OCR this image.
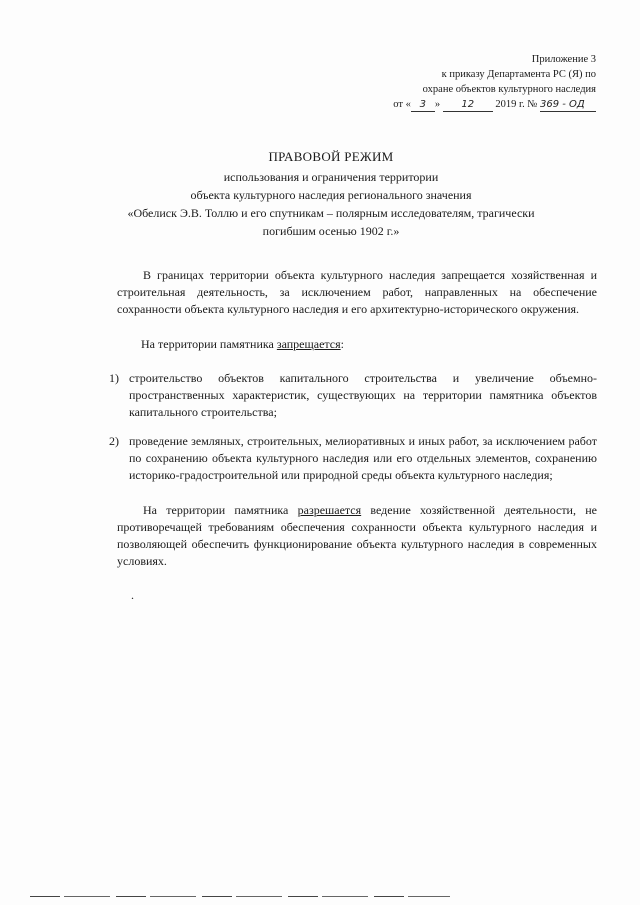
Приложение 3
к приказу Департамента РС (Я) по
охране объектов культурного наследия
от « 3 » 12 2019 г. № 369 - ОД
ПРАВОВОЙ РЕЖИМ
использования и ограничения территории
объекта культурного наследия регионального значения
«Обелиск Э.В. Толлю и его спутникам – полярным исследователям, трагически
погибшим осенью 1902 г.»

В границах территории объекта культурного наследия запрещается хозяйственная и строительная деятельность, за исключением работ, направленных на обеспечение сохранности объекта культурного наследия и его архитектурно-исторического окружения.

На территории памятника запрещается:

1) строительство объектов капитального строительства и увеличение объемно-пространственных характеристик, существующих на территории памятника объектов капитального строительства;
2) проведение земляных, строительных, мелиоративных и иных работ, за исключением работ по сохранению объекта культурного наследия или его отдельных элементов, сохранению историко-градостроительной или природной среды объекта культурного наследия;

На территории памятника разрешается ведение хозяйственной деятельности, не противоречащей требованиям обеспечения сохранности объекта культурного наследия и позволяющей обеспечить функционирование объекта культурного наследия в современных условиях.

.
